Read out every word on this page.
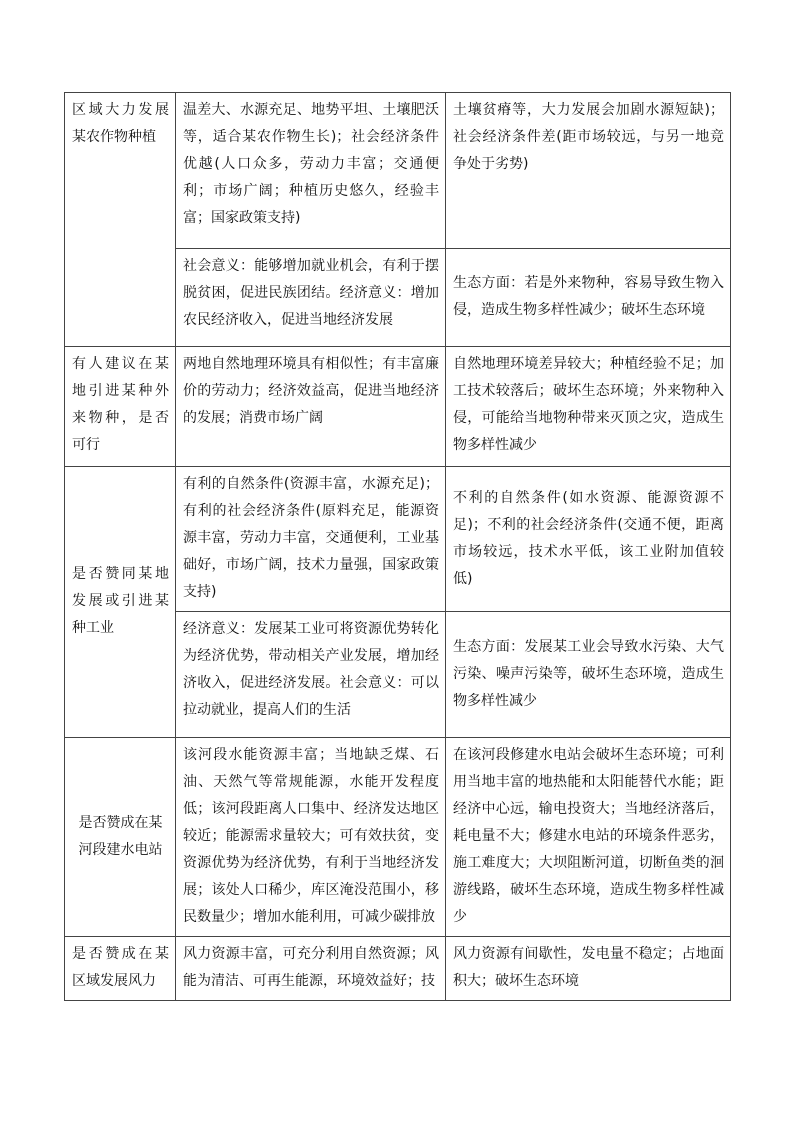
区域大力发展某农作物种植	温差大、水源充足、地势平坦、土壤肥沃等，适合某农作物生长)；社会经济条件优越(人口众多，劳动力丰富；交通便利；市场广阔；种植历史悠久，经验丰富；国家政策支持)	土壤贫瘠等，大力发展会加剧水源短缺)；社会经济条件差(距市场较远，与另一地竞争处于劣势)
	社会意义：能够增加就业机会，有利于摆脱贫困，促进民族团结。经济意义：增加农民经济收入，促进当地经济发展	生态方面：若是外来物种，容易导致生物入侵，造成生物多样性减少；破坏生态环境
有人建议在某地引进某种外来物种，是否可行	两地自然地理环境具有相似性；有丰富廉价的劳动力；经济效益高，促进当地经济的发展；消费市场广阔	自然地理环境差异较大；种植经验不足；加工技术较落后；破坏生态环境；外来物种入侵，可能给当地物种带来灭顶之灾，造成生物多样性减少
是否赞同某地发展或引进某种工业	有利的自然条件(资源丰富，水源充足)；有利的社会经济条件(原料充足，能源资源丰富，劳动力丰富，交通便利，工业基础好，市场广阔，技术力量强，国家政策支持)	不利的自然条件(如水资源、能源资源不足)；不利的社会经济条件(交通不便，距离市场较远，技术水平低，该工业附加值较低)
	经济意义：发展某工业可将资源优势转化为经济优势，带动相关产业发展，增加经济收入，促进经济发展。社会意义：可以拉动就业，提高人们的生活	生态方面：发展某工业会导致水污染、大气污染、噪声污染等，破坏生态环境，造成生物多样性减少
是否赞成在某河段建水电站	该河段水能资源丰富；当地缺乏煤、石油、天然气等常规能源，水能开发程度低；该河段距离人口集中、经济发达地区较近；能源需求量较大；可有效扶贫，变资源优势为经济优势，有利于当地经济发展；该处人口稀少，库区淹没范围小，移民数量少；增加水能利用，可减少碳排放	在该河段修建水电站会破坏生态环境；可利用当地丰富的地热能和太阳能替代水能；距经济中心远，输电投资大；当地经济落后，耗电量不大；修建水电站的环境条件恶劣，施工难度大；大坝阻断河道，切断鱼类的洄游线路，破坏生态环境，造成生物多样性减少
是否赞成在某区域发展风力	风力资源丰富，可充分利用自然资源；风能为清洁、可再生能源，环境效益好；技	风力资源有间歇性，发电量不稳定；占地面积大；破坏生态环境
